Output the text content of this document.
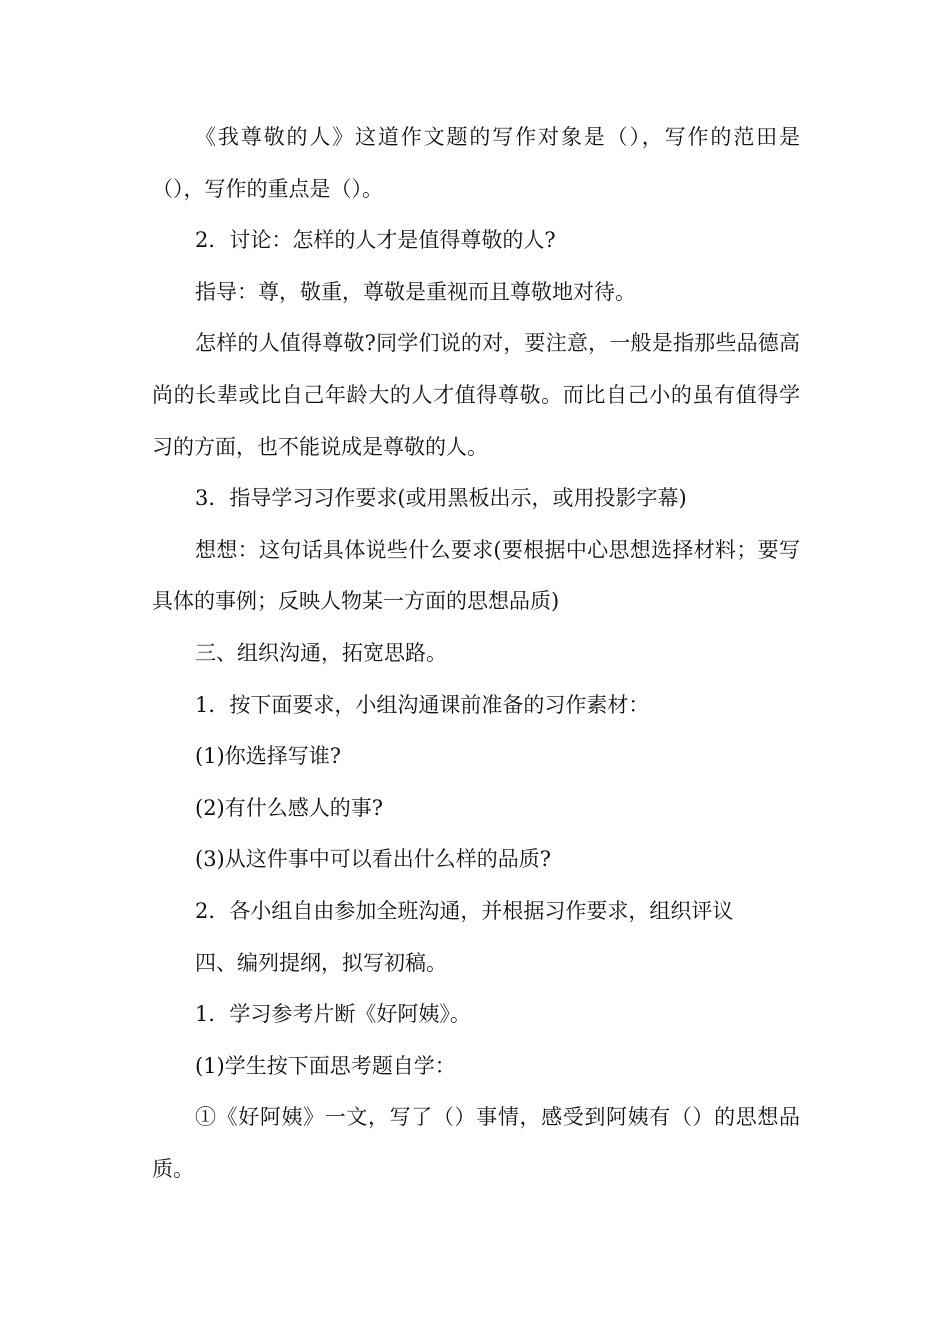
《我尊敬的人》这道作文题的写作对象是（），写作的范田是（），写作的重点是（）。

2．讨论：怎样的人才是值得尊敬的人?

指导：尊，敬重，尊敬是重视而且尊敬地对待。

怎样的人值得尊敬?同学们说的对，要注意，一般是指那些品德高尚的长辈或比自己年龄大的人才值得尊敬。而比自己小的虽有值得学习的方面，也不能说成是尊敬的人。

3．指导学习习作要求(或用黑板出示，或用投影字幕)

想想：这句话具体说些什么要求(要根据中心思想选择材料；要写具体的事例；反映人物某一方面的思想品质)

三、组织沟通，拓宽思路。

1．按下面要求，小组沟通课前准备的习作素材：

(1)你选择写谁?

(2)有什么感人的事?

(3)从这件事中可以看出什么样的品质?

2．各小组自由参加全班沟通，并根据习作要求，组织评议

四、编列提纲，拟写初稿。

1．学习参考片断《好阿姨》。

(1)学生按下面思考题自学：

①《好阿姨》一文，写了（）事情，感受到阿姨有（）的思想品质。
